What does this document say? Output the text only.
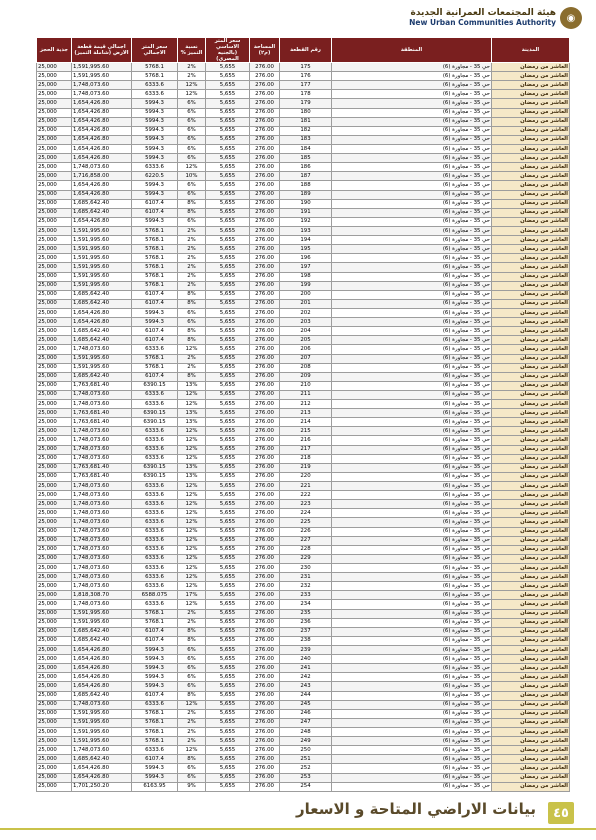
◉
هيئة المجتمعات العمرانية الجديدة
New Urban Communities Authority
المدينة	المنطقة	رقم القطعة	المساحة (م٢)	سعر المتر الاساسي (بالجنيه المصري)	نسبة التميز %	سعر المتر الاجمالي	اجمالي قيمة قطعة الارض (شاملة التميز)	جدية الحجز
العاشر من رمضان	حي 35 - مجاورة (6)	175	276.00	5,655	2%	5768.1	1,591,995.60	25,000
العاشر من رمضان	حي 35 - مجاورة (6)	176	276.00	5,655	2%	5768.1	1,591,995.60	25,000
العاشر من رمضان	حي 35 - مجاورة (6)	177	276.00	5,655	12%	6333.6	1,748,073.60	25,000
العاشر من رمضان	حي 35 - مجاورة (6)	178	276.00	5,655	12%	6333.6	1,748,073.60	25,000
العاشر من رمضان	حي 35 - مجاورة (6)	179	276.00	5,655	6%	5994.3	1,654,426.80	25,000
العاشر من رمضان	حي 35 - مجاورة (6)	180	276.00	5,655	6%	5994.3	1,654,426.80	25,000
العاشر من رمضان	حي 35 - مجاورة (6)	181	276.00	5,655	6%	5994.3	1,654,426.80	25,000
العاشر من رمضان	حي 35 - مجاورة (6)	182	276.00	5,655	6%	5994.3	1,654,426.80	25,000
العاشر من رمضان	حي 35 - مجاورة (6)	183	276.00	5,655	6%	5994.3	1,654,426.80	25,000
العاشر من رمضان	حي 35 - مجاورة (6)	184	276.00	5,655	6%	5994.3	1,654,426.80	25,000
العاشر من رمضان	حي 35 - مجاورة (6)	185	276.00	5,655	6%	5994.3	1,654,426.80	25,000
العاشر من رمضان	حي 35 - مجاورة (6)	186	276.00	5,655	12%	6333.6	1,748,073.60	25,000
العاشر من رمضان	حي 35 - مجاورة (6)	187	276.00	5,655	10%	6220.5	1,716,858.00	25,000
العاشر من رمضان	حي 35 - مجاورة (6)	188	276.00	5,655	6%	5994.3	1,654,426.80	25,000
العاشر من رمضان	حي 35 - مجاورة (6)	189	276.00	5,655	6%	5994.3	1,654,426.80	25,000
العاشر من رمضان	حي 35 - مجاورة (6)	190	276.00	5,655	8%	6107.4	1,685,642.40	25,000
العاشر من رمضان	حي 35 - مجاورة (6)	191	276.00	5,655	8%	6107.4	1,685,642.40	25,000
العاشر من رمضان	حي 35 - مجاورة (6)	192	276.00	5,655	6%	5994.3	1,654,426.80	25,000
العاشر من رمضان	حي 35 - مجاورة (6)	193	276.00	5,655	2%	5768.1	1,591,995.60	25,000
العاشر من رمضان	حي 35 - مجاورة (6)	194	276.00	5,655	2%	5768.1	1,591,995.60	25,000
العاشر من رمضان	حي 35 - مجاورة (6)	195	276.00	5,655	2%	5768.1	1,591,995.60	25,000
العاشر من رمضان	حي 35 - مجاورة (6)	196	276.00	5,655	2%	5768.1	1,591,995.60	25,000
العاشر من رمضان	حي 35 - مجاورة (6)	197	276.00	5,655	2%	5768.1	1,591,995.60	25,000
العاشر من رمضان	حي 35 - مجاورة (6)	198	276.00	5,655	2%	5768.1	1,591,995.60	25,000
العاشر من رمضان	حي 35 - مجاورة (6)	199	276.00	5,655	2%	5768.1	1,591,995.60	25,000
العاشر من رمضان	حي 35 - مجاورة (6)	200	276.00	5,655	8%	6107.4	1,685,642.40	25,000
العاشر من رمضان	حي 35 - مجاورة (6)	201	276.00	5,655	8%	6107.4	1,685,642.40	25,000
العاشر من رمضان	حي 35 - مجاورة (6)	202	276.00	5,655	6%	5994.3	1,654,426.80	25,000
العاشر من رمضان	حي 35 - مجاورة (6)	203	276.00	5,655	6%	5994.3	1,654,426.80	25,000
العاشر من رمضان	حي 35 - مجاورة (6)	204	276.00	5,655	8%	6107.4	1,685,642.40	25,000
العاشر من رمضان	حي 35 - مجاورة (6)	205	276.00	5,655	8%	6107.4	1,685,642.40	25,000
العاشر من رمضان	حي 35 - مجاورة (6)	206	276.00	5,655	12%	6333.6	1,748,073.60	25,000
العاشر من رمضان	حي 35 - مجاورة (6)	207	276.00	5,655	2%	5768.1	1,591,995.60	25,000
العاشر من رمضان	حي 35 - مجاورة (6)	208	276.00	5,655	2%	5768.1	1,591,995.60	25,000
العاشر من رمضان	حي 35 - مجاورة (6)	209	276.00	5,655	8%	6107.4	1,685,642.40	25,000
العاشر من رمضان	حي 35 - مجاورة (6)	210	276.00	5,655	13%	6390.15	1,763,681.40	25,000
العاشر من رمضان	حي 35 - مجاورة (6)	211	276.00	5,655	12%	6333.6	1,748,073.60	25,000
العاشر من رمضان	حي 35 - مجاورة (6)	212	276.00	5,655	12%	6333.6	1,748,073.60	25,000
العاشر من رمضان	حي 35 - مجاورة (6)	213	276.00	5,655	13%	6390.15	1,763,681.40	25,000
العاشر من رمضان	حي 35 - مجاورة (6)	214	276.00	5,655	13%	6390.15	1,763,681.40	25,000
العاشر من رمضان	حي 35 - مجاورة (6)	215	276.00	5,655	12%	6333.6	1,748,073.60	25,000
العاشر من رمضان	حي 35 - مجاورة (6)	216	276.00	5,655	12%	6333.6	1,748,073.60	25,000
العاشر من رمضان	حي 35 - مجاورة (6)	217	276.00	5,655	12%	6333.6	1,748,073.60	25,000
العاشر من رمضان	حي 35 - مجاورة (6)	218	276.00	5,655	12%	6333.6	1,748,073.60	25,000
العاشر من رمضان	حي 35 - مجاورة (6)	219	276.00	5,655	13%	6390.15	1,763,681.40	25,000
العاشر من رمضان	حي 35 - مجاورة (6)	220	276.00	5,655	13%	6390.15	1,763,681.40	25,000
العاشر من رمضان	حي 35 - مجاورة (6)	221	276.00	5,655	12%	6333.6	1,748,073.60	25,000
العاشر من رمضان	حي 35 - مجاورة (6)	222	276.00	5,655	12%	6333.6	1,748,073.60	25,000
العاشر من رمضان	حي 35 - مجاورة (6)	223	276.00	5,655	12%	6333.6	1,748,073.60	25,000
العاشر من رمضان	حي 35 - مجاورة (6)	224	276.00	5,655	12%	6333.6	1,748,073.60	25,000
العاشر من رمضان	حي 35 - مجاورة (6)	225	276.00	5,655	12%	6333.6	1,748,073.60	25,000
العاشر من رمضان	حي 35 - مجاورة (6)	226	276.00	5,655	12%	6333.6	1,748,073.60	25,000
العاشر من رمضان	حي 35 - مجاورة (6)	227	276.00	5,655	12%	6333.6	1,748,073.60	25,000
العاشر من رمضان	حي 35 - مجاورة (6)	228	276.00	5,655	12%	6333.6	1,748,073.60	25,000
العاشر من رمضان	حي 35 - مجاورة (6)	229	276.00	5,655	12%	6333.6	1,748,073.60	25,000
العاشر من رمضان	حي 35 - مجاورة (6)	230	276.00	5,655	12%	6333.6	1,748,073.60	25,000
العاشر من رمضان	حي 35 - مجاورة (6)	231	276.00	5,655	12%	6333.6	1,748,073.60	25,000
العاشر من رمضان	حي 35 - مجاورة (6)	232	276.00	5,655	12%	6333.6	1,748,073.60	25,000
العاشر من رمضان	حي 35 - مجاورة (6)	233	276.00	5,655	17%	6588.075	1,818,308.70	25,000
العاشر من رمضان	حي 35 - مجاورة (6)	234	276.00	5,655	12%	6333.6	1,748,073.60	25,000
العاشر من رمضان	حي 35 - مجاورة (6)	235	276.00	5,655	2%	5768.1	1,591,995.60	25,000
العاشر من رمضان	حي 35 - مجاورة (6)	236	276.00	5,655	2%	5768.1	1,591,995.60	25,000
العاشر من رمضان	حي 35 - مجاورة (6)	237	276.00	5,655	8%	6107.4	1,685,642.40	25,000
العاشر من رمضان	حي 35 - مجاورة (6)	238	276.00	5,655	8%	6107.4	1,685,642.40	25,000
العاشر من رمضان	حي 35 - مجاورة (6)	239	276.00	5,655	6%	5994.3	1,654,426.80	25,000
العاشر من رمضان	حي 35 - مجاورة (6)	240	276.00	5,655	6%	5994.3	1,654,426.80	25,000
العاشر من رمضان	حي 35 - مجاورة (6)	241	276.00	5,655	6%	5994.3	1,654,426.80	25,000
العاشر من رمضان	حي 35 - مجاورة (6)	242	276.00	5,655	6%	5994.3	1,654,426.80	25,000
العاشر من رمضان	حي 35 - مجاورة (6)	243	276.00	5,655	6%	5994.3	1,654,426.80	25,000
العاشر من رمضان	حي 35 - مجاورة (6)	244	276.00	5,655	8%	6107.4	1,685,642.40	25,000
العاشر من رمضان	حي 35 - مجاورة (6)	245	276.00	5,655	12%	6333.6	1,748,073.60	25,000
العاشر من رمضان	حي 35 - مجاورة (6)	246	276.00	5,655	2%	5768.1	1,591,995.60	25,000
العاشر من رمضان	حي 35 - مجاورة (6)	247	276.00	5,655	2%	5768.1	1,591,995.60	25,000
العاشر من رمضان	حي 35 - مجاورة (6)	248	276.00	5,655	2%	5768.1	1,591,995.60	25,000
العاشر من رمضان	حي 35 - مجاورة (6)	249	276.00	5,655	2%	5768.1	1,591,995.60	25,000
العاشر من رمضان	حي 35 - مجاورة (6)	250	276.00	5,655	12%	6333.6	1,748,073.60	25,000
العاشر من رمضان	حي 35 - مجاورة (6)	251	276.00	5,655	8%	6107.4	1,685,642.40	25,000
العاشر من رمضان	حي 35 - مجاورة (6)	252	276.00	5,655	6%	5994.3	1,654,426.80	25,000
العاشر من رمضان	حي 35 - مجاورة (6)	253	276.00	5,655	6%	5994.3	1,654,426.80	25,000
العاشر من رمضان	حي 35 - مجاورة (6)	254	276.00	5,655	9%	6163.95	1,701,250.20	25,000
٤٥
بيانات الاراضي المتاحة و الاسعار
